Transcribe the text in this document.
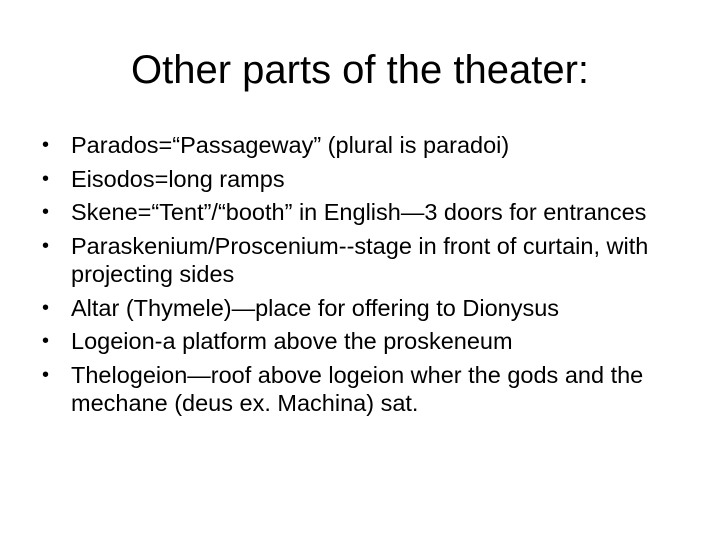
Other parts of the theater:
• Parados=“Passageway” (plural is paradoi)
• Eisodos=long ramps
• Skene=“Tent”/“booth” in English—3 doors for entrances
• Paraskenium/Proscenium--stage in front of curtain, with projecting sides
• Altar (Thymele)—place for offering to Dionysus
• Logeion-a platform above the proskeneum
• Thelogeion—roof above logeion wher the gods and the mechane (deus ex. Machina) sat.
